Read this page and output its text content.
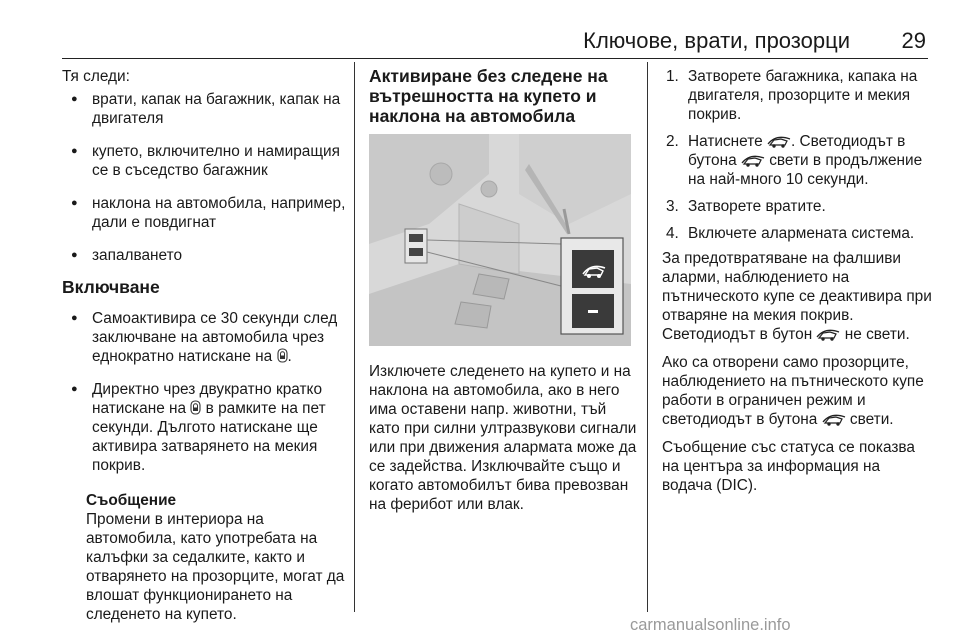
Ключове, врати, прозорци 29

Тя следи:

● врати, капак на багажник, капак на двигателя
● купето, включително и намиращия се в съседство багажник
● наклона на автомобила, например, дали е повдигнат
● запалването

Включване

● Самоактивира се 30 секунди след заключване на автомобила чрез еднократно натискане на .
● Директно чрез двукратно кратко натискане на  в рамките на пет секунди. Дългото натискане ще активира затварянето на мекия покрив.

Съобщение

Промени в интериора на автомобила, като употребата на калъфки за седалките, както и отварянето на прозорците, могат да влошат функционирането на следенето на купето.

Активиране без следене на вътрешността на купето и наклона на автомобила

Изключете следенето на купето и на наклона на автомобила, ако в него има оставени напр. животни, тъй като при силни ултразвукови сигнали или при движения алармата може да се задейства. Изключвайте също и когато автомобилът бива превозван на ферибот или влак.

1. Затворете багажника, капака на двигателя, прозорците и мекия покрив.
2. Натиснете . Светодиодът в бутона  свети в продължение на най-много 10 секунди.
3. Затворете вратите.
4. Включете алармената система.

За предотвратяване на фалшиви аларми, наблюдението на пътническото купе се деактивира при отваряне на мекия покрив. Светодиодът в бутон  не свети.

Ако са отворени само прозорците, наблюдението на пътническото купе работи в ограничен режим и светодиодът в бутона  свети.

Съобщение със статуса се показва на центъра за информация на водача (DIC).

carmanualsonline.info
